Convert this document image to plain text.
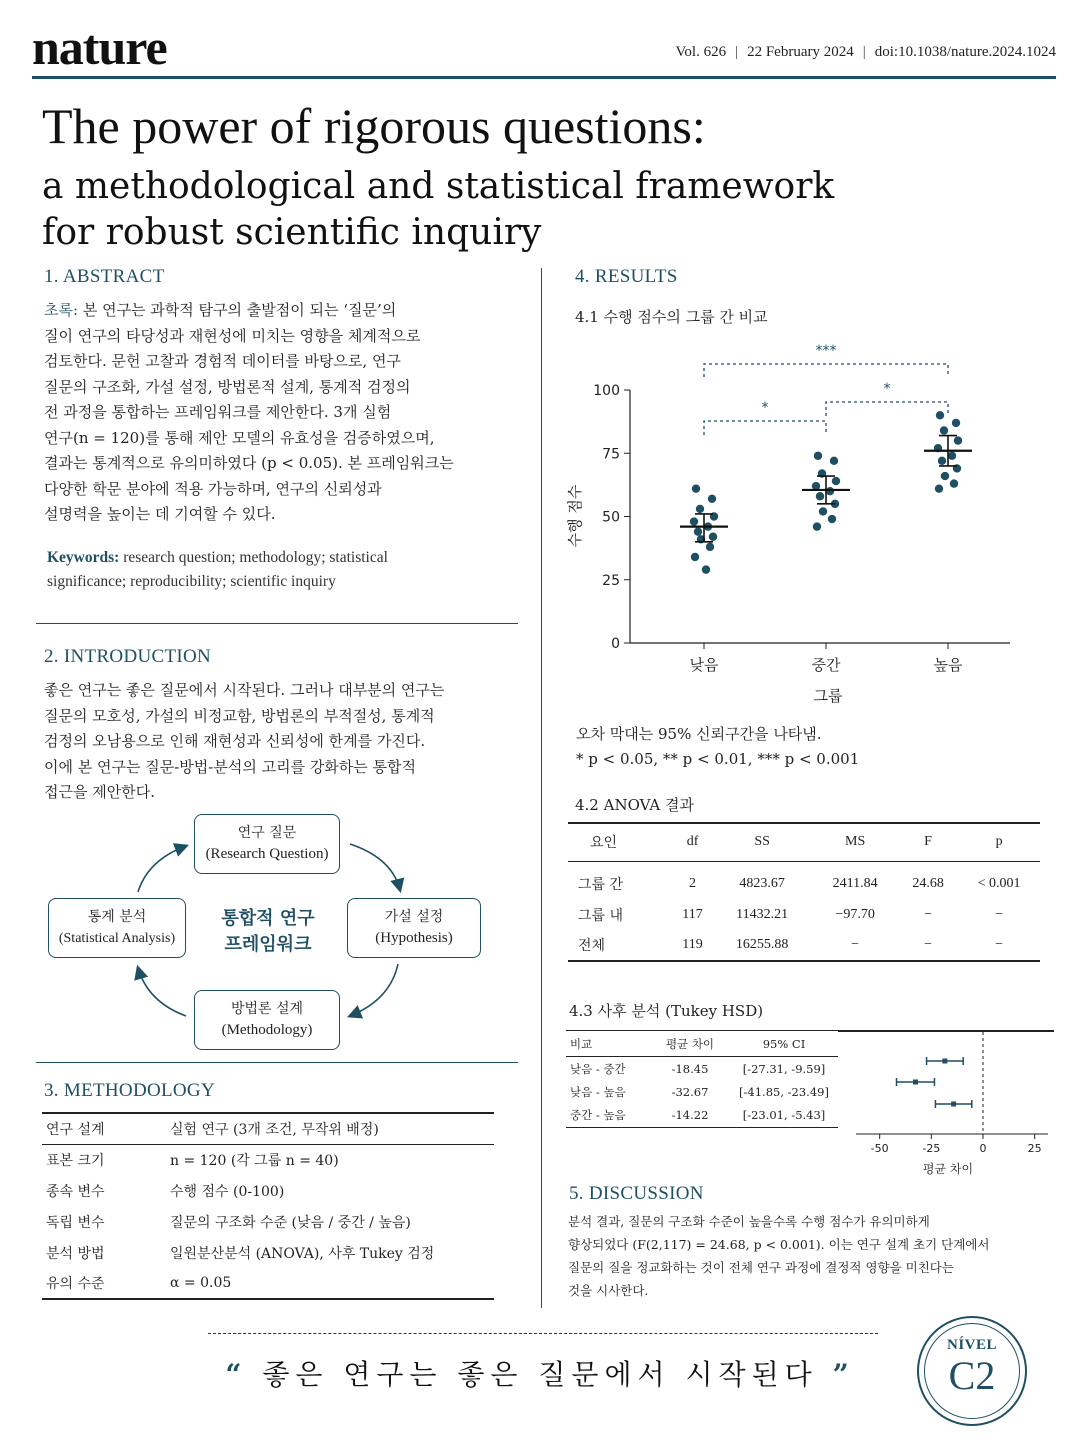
nature	Vol. 626 | 22 February 2024 | doi:10.1038/nature.2024.1024
The power of rigorous questions:
a methodological and statistical framework
for robust scientific inquiry
1. ABSTRACT
초록: 본 연구는 과학적 탐구의 출발점이 되는 ‘질문’의
질이 연구의 타당성과 재현성에 미치는 영향을 체계적으로
검토한다. 문헌 고찰과 경험적 데이터를 바탕으로, 연구
질문의 구조화, 가설 설정, 방법론적 설계, 통계적 검정의
전 과정을 통합하는 프레임워크를 제안한다. 3개 실험
연구(n = 120)를 통해 제안 모델의 유효성을 검증하였으며,
결과는 통계적으로 유의미하였다 (p < 0.05). 본 프레임워크는
다양한 학문 분야에 적용 가능하며, 연구의 신뢰성과
설명력을 높이는 데 기여할 수 있다.
Keywords: research question; methodology; statistical
significance; reproducibility; scientific inquiry
2. INTRODUCTION
좋은 연구는 좋은 질문에서 시작된다. 그러나 대부분의 연구는
질문의 모호성, 가설의 비정교함, 방법론의 부적절성, 통계적
검정의 오남용으로 인해 재현성과 신뢰성에 한계를 가진다.
이에 본 연구는 질문-방법-분석의 고리를 강화하는 통합적
접근을 제안한다.
연구 질문
(Research Question)
가설 설정
(Hypothesis)
방법론 설계
(Methodology)
통계 분석
(Statistical Analysis)
통합적 연구
프레임워크
3. METHODOLOGY
연구 설계	실험 연구 (3개 조건, 무작위 배정)
표본 크기	n = 120 (각 그룹 n = 40)
종속 변수	수행 점수 (0-100)
독립 변수	질문의 구조화 수준 (낮음 / 중간 / 높음)
분석 방법	일원분산분석 (ANOVA), 사후 Tukey 검정
유의 수준	α = 0.05
4. RESULTS
4.1 수행 점수의 그룹 간 비교
0
25
50
75
100
낮음	중간	높음
그룹
수행 점수
*
*
***
오차 막대는 95% 신뢰구간을 나타냄.
* p < 0.05, ** p < 0.01, *** p < 0.001
4.2 ANOVA 결과
요인	df	SS	MS	F	p
그룹 간	2	4823.67	2411.84	24.68	< 0.001
그룹 내	117	11432.21	−97.70	−	−
전체	119	16255.88	−	−	−
4.3 사후 분석 (Tukey HSD)
비교	평균 차이	95% CI
낮음 - 중간	-18.45	[-27.31, -9.59]
낮음 - 높음	-32.67	[-41.85, -23.49]
중간 - 높음	-14.22	[-23.01, -5.43]
-50	-25	0	25
평균 차이
5. DISCUSSION
분석 결과, 질문의 구조화 수준이 높을수록 수행 점수가 유의미하게
향상되었다 (F(2,117) = 24.68, p < 0.001). 이는 연구 설계 초기 단계에서
질문의 질을 정교화하는 것이 전체 연구 과정에 결정적 영향을 미친다는
것을 시사한다.
“ 좋은 연구는 좋은 질문에서 시작된다 ”
NÍVEL
C2
